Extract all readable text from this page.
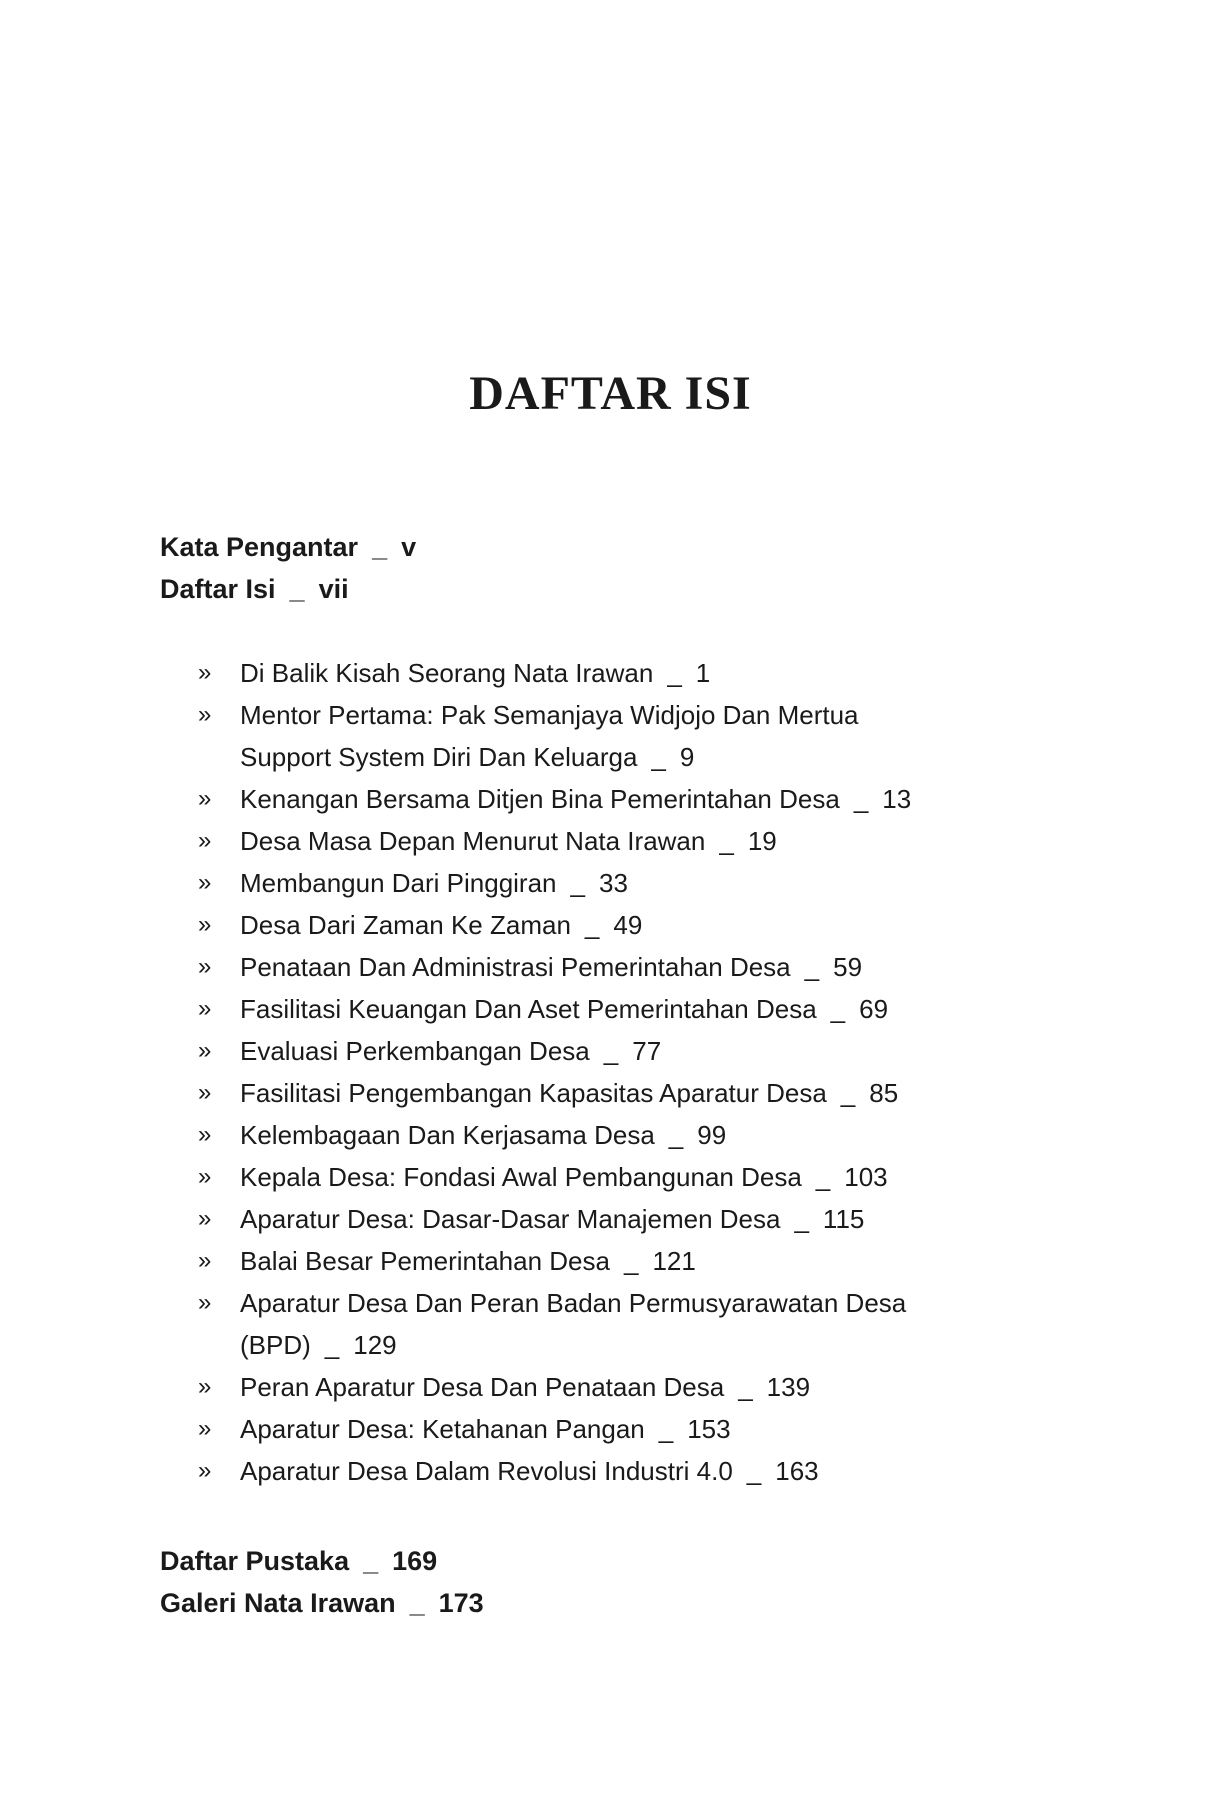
DAFTAR ISI
Kata Pengantar _ v
Daftar Isi _ vii
» Di Balik Kisah Seorang Nata Irawan _ 1
» Mentor Pertama: Pak Semanjaya Widjojo Dan Mertua
Support System Diri Dan Keluarga _ 9
» Kenangan Bersama Ditjen Bina Pemerintahan Desa _ 13
» Desa Masa Depan Menurut Nata Irawan _ 19
» Membangun Dari Pinggiran _ 33
» Desa Dari Zaman Ke Zaman _ 49
» Penataan Dan Administrasi Pemerintahan Desa _ 59
» Fasilitasi Keuangan Dan Aset Pemerintahan Desa _ 69
» Evaluasi Perkembangan Desa _ 77
» Fasilitasi Pengembangan Kapasitas Aparatur Desa _ 85
» Kelembagaan Dan Kerjasama Desa _ 99
» Kepala Desa: Fondasi Awal Pembangunan Desa _ 103
» Aparatur Desa: Dasar-Dasar Manajemen Desa _ 115
» Balai Besar Pemerintahan Desa _ 121
» Aparatur Desa Dan Peran Badan Permusyarawatan Desa
(BPD) _ 129
» Peran Aparatur Desa Dan Penataan Desa _ 139
» Aparatur Desa: Ketahanan Pangan _ 153
» Aparatur Desa Dalam Revolusi Industri 4.0 _ 163
Daftar Pustaka _ 169
Galeri Nata Irawan _ 173
